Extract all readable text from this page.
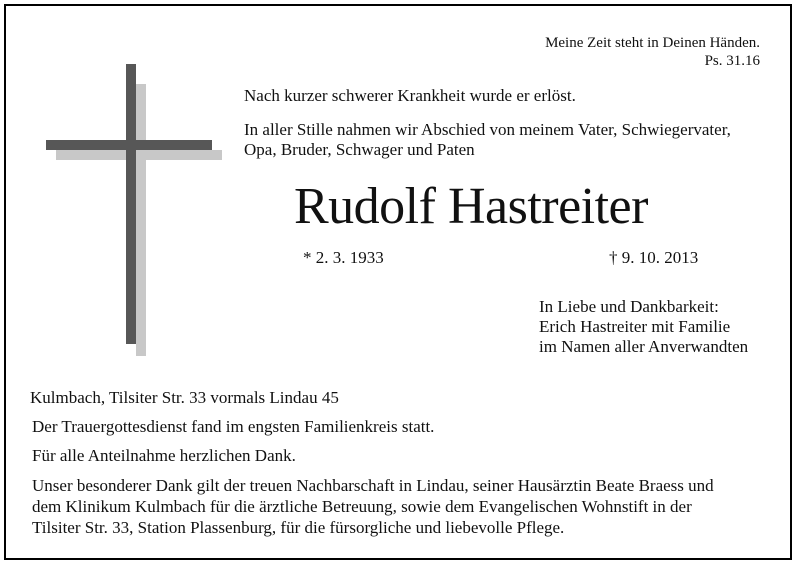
Meine Zeit steht in Deinen Händen.
Ps. 31.16
Nach kurzer schwerer Krankheit wurde er erlöst.
In aller Stille nahmen wir Abschied von meinem Vater, Schwiegervater,
Opa, Bruder, Schwager und Paten
Rudolf Hastreiter
* 2. 3. 1933	† 9. 10. 2013
In Liebe und Dankbarkeit:
Erich Hastreiter mit Familie
im Namen aller Anverwandten
Kulmbach, Tilsiter Str. 33 vormals Lindau 45
Der Trauergottesdienst fand im engsten Familienkreis statt.
Für alle Anteilnahme herzlichen Dank.
Unser besonderer Dank gilt der treuen Nachbarschaft in Lindau, seiner Hausärztin Beate Braess und
dem Klinikum Kulmbach für die ärztliche Betreuung, sowie dem Evangelischen Wohnstift in der
Tilsiter Str. 33, Station Plassenburg, für die fürsorgliche und liebevolle Pflege.
